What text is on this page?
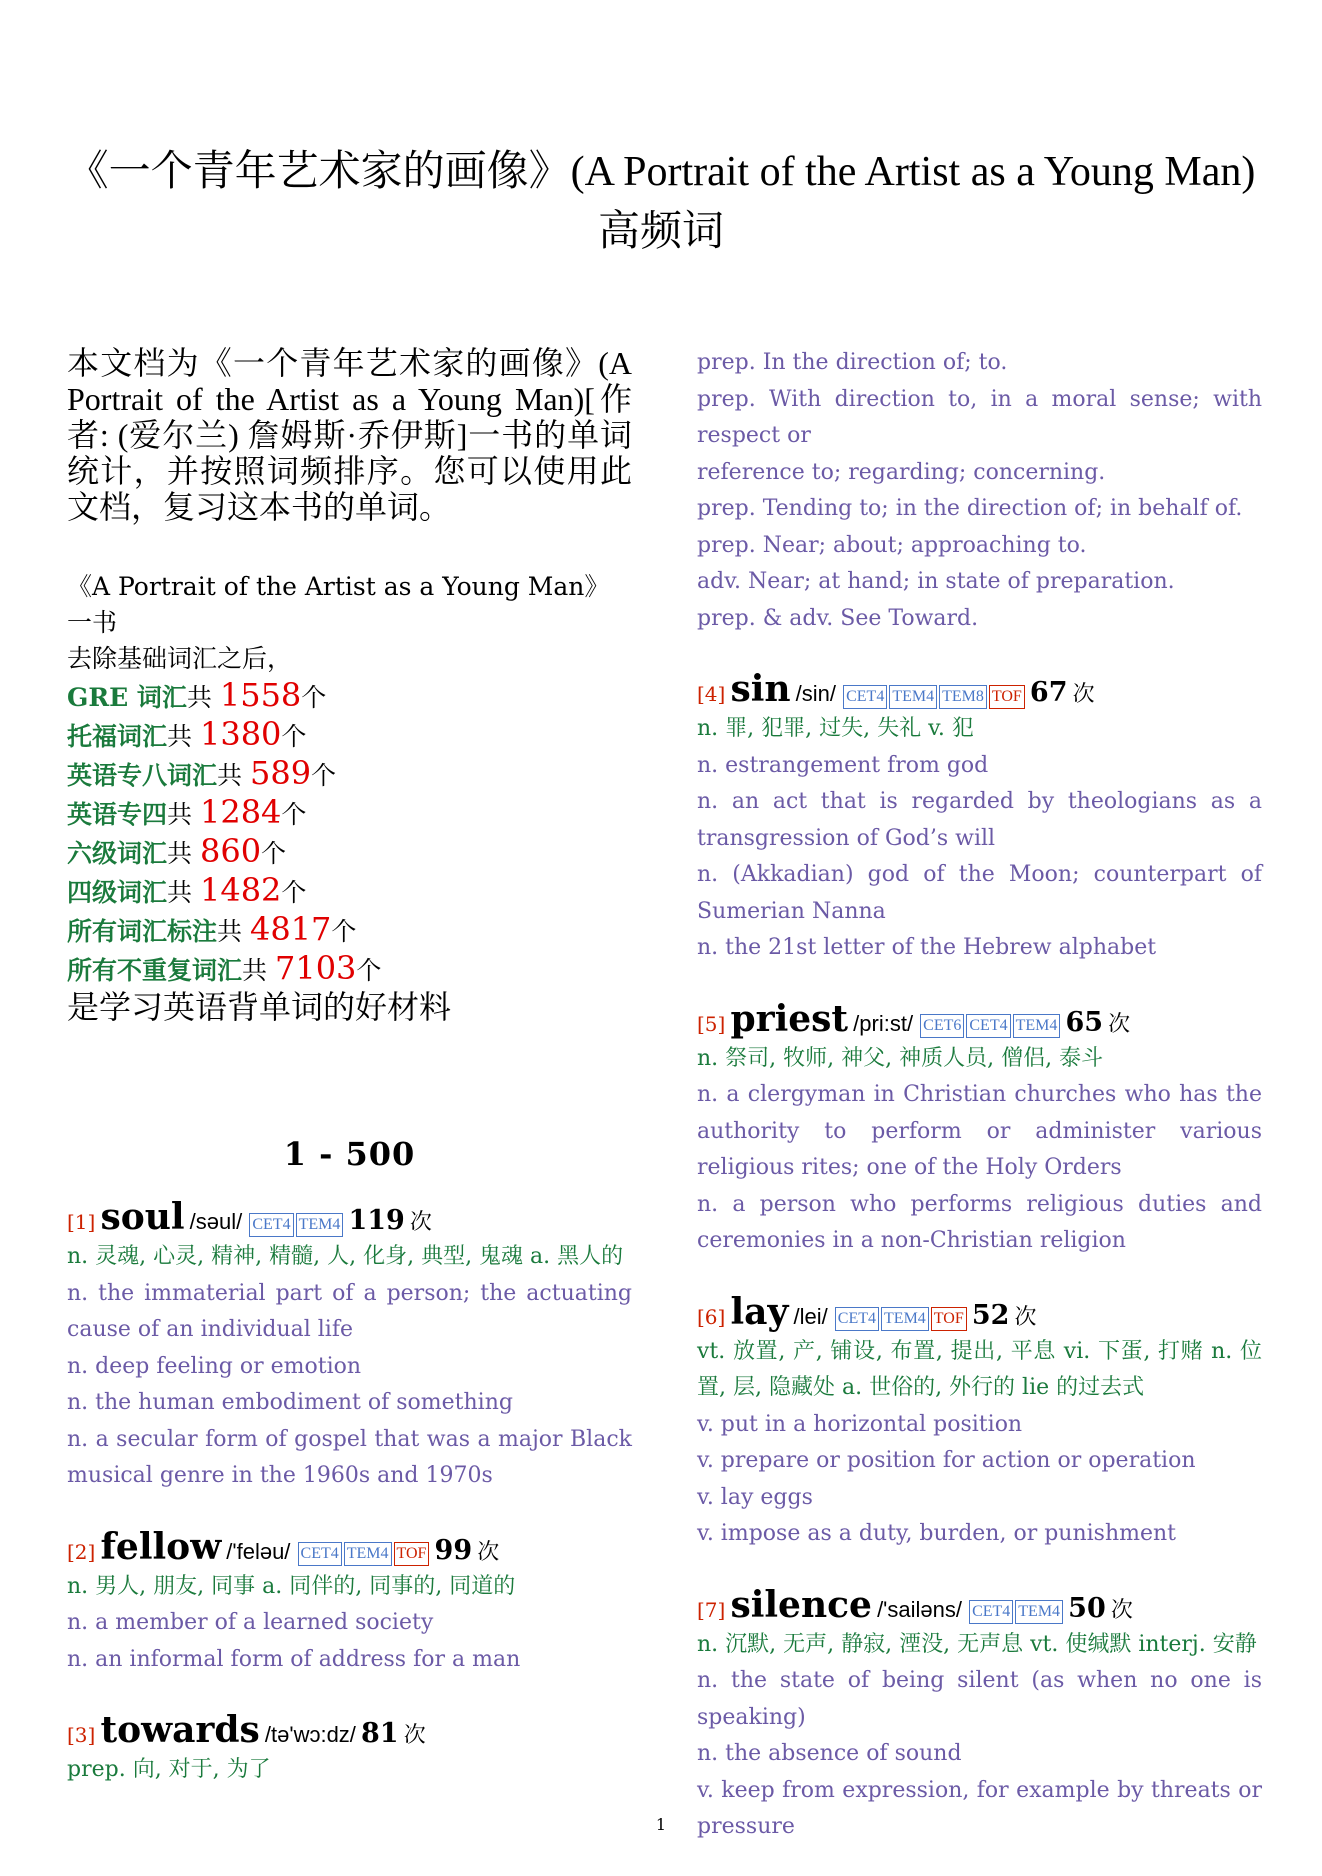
《一个青年艺术家的画像》(A Portrait of the Artist as a Young Man)
高频词

本文档为《一个青年艺术家的画像》(A Portrait of the Artist as a Young Man)[作者: (爱尔兰) 詹姆斯·乔伊斯]一书的单词统计，并按照词频排序。您可以使用此文档，复习这本书的单词。

《A Portrait of the Artist as a Young Man》一书
去除基础词汇之后，
GRE 词汇共 1558个
托福词汇共 1380个
英语专八词汇共 589个
英语专四共 1284个
六级词汇共 860个
四级词汇共 1482个
所有词汇标注共 4817个
所有不重复词汇共 7103个
是学习英语背单词的好材料
1 - 500
[1] soul /səul/ CET4 TEM4 119 次

n. 灵魂, 心灵, 精神, 精髓, 人, 化身, 典型, 鬼魂 a. 黑人的

n. the immaterial part of a person; the actuating cause of an individual life

n. deep feeling or emotion

n. the human embodiment of something

n. a secular form of gospel that was a major Black musical genre in the 1960s and 1970s

[2] fellow /'feləu/ CET4 TEM4 TOF 99 次

n. 男人, 朋友, 同事 a. 同伴的, 同事的, 同道的

n. a member of a learned society

n. an informal form of address for a man

[3] towards /tə'wɔ:dz/ 81 次

prep. 向, 对于, 为了

prep. In the direction of; to.

prep. With direction to, in a moral sense; with respect or

reference to; regarding; concerning.

prep. Tending to; in the direction of; in behalf of.

prep. Near; about; approaching to.

adv. Near; at hand; in state of preparation.

prep. & adv. See Toward.

[4] sin /sin/ CET4 TEM4 TEM8 TOF 67 次

n. 罪, 犯罪, 过失, 失礼 v. 犯

n. estrangement from god

n. an act that is regarded by theologians as a transgression of God’s will

n. (Akkadian) god of the Moon; counterpart of Sumerian Nanna

n. the 21st letter of the Hebrew alphabet

[5] priest /pri:st/ CET6 CET4 TEM4 65 次

n. 祭司, 牧师, 神父, 神质人员, 僧侣, 泰斗

n. a clergyman in Christian churches who has the authority to perform or administer various religious rites; one of the Holy Orders

n. a person who performs religious duties and ceremonies in a non-Christian religion

[6] lay /lei/ CET4 TEM4 TOF 52 次

vt. 放置, 产, 铺设, 布置, 提出, 平息 vi. 下蛋, 打赌 n. 位置, 层, 隐藏处 a. 世俗的, 外行的 lie 的过去式

v. put in a horizontal position

v. prepare or position for action or operation

v. lay eggs

v. impose as a duty, burden, or punishment

[7] silence /'sailəns/ CET4 TEM4 50 次

n. 沉默, 无声, 静寂, 湮没, 无声息 vt. 使缄默 interj. 安静

n. the state of being silent (as when no one is speaking)

n. the absence of sound

v. keep from expression, for example by threats or pressure

1
